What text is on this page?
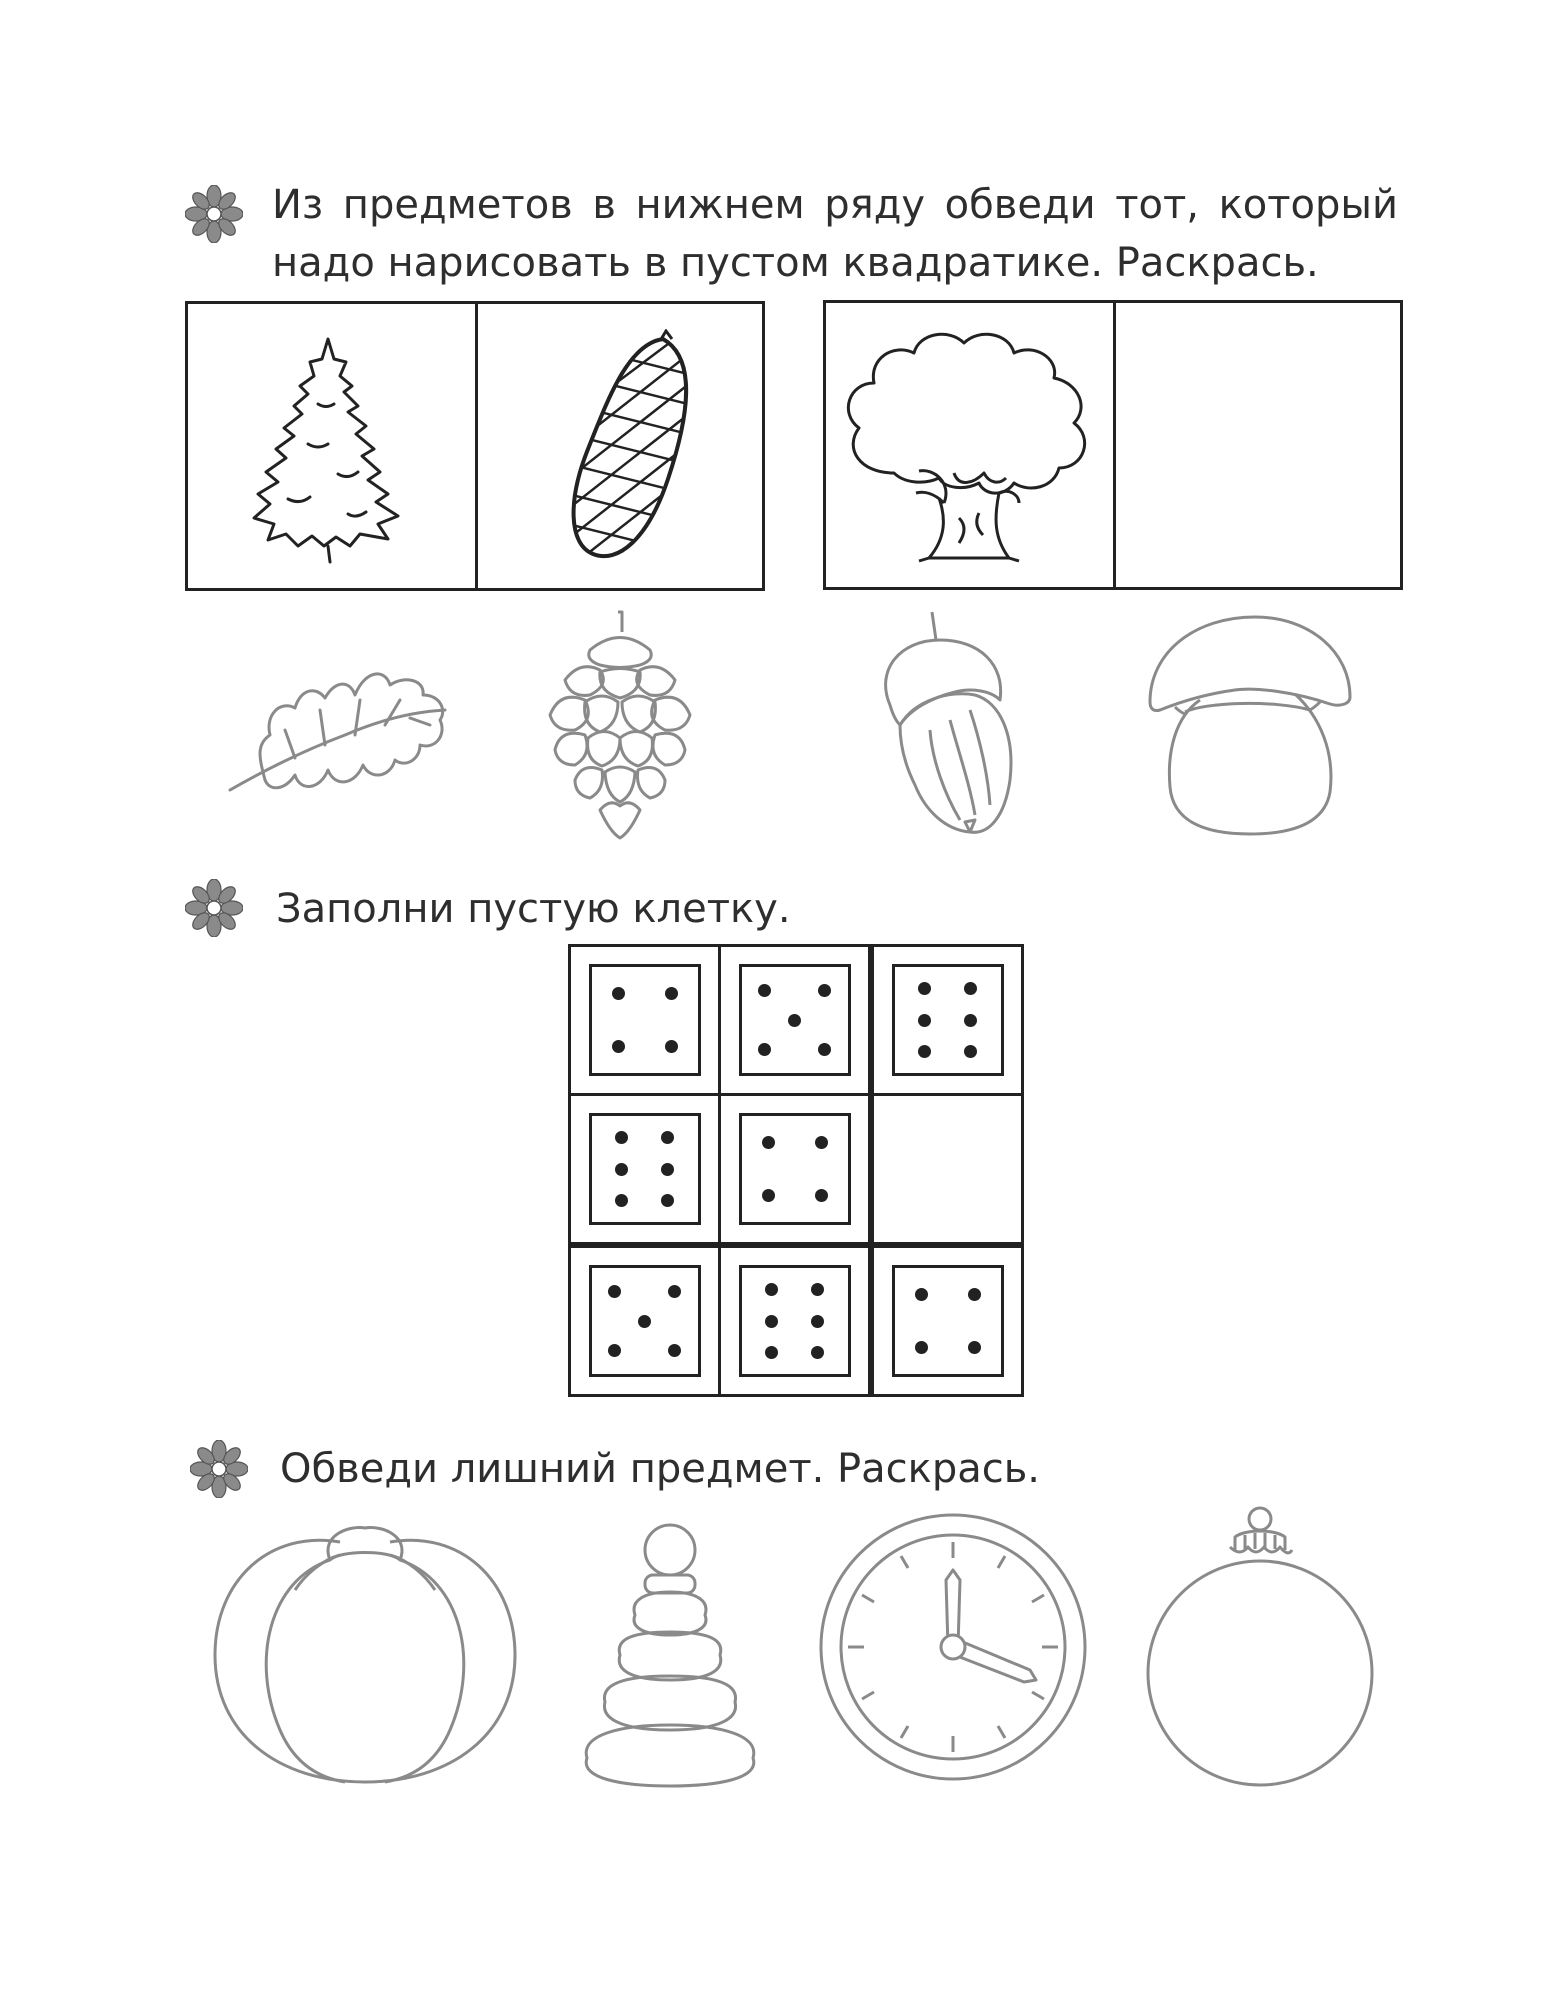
Из предметов в нижнем ряду обведи тот, который
надо нарисовать в пустом квадратике. Раскрась.
Заполни пустую клетку.
Обведи лишний предмет. Раскрась.
